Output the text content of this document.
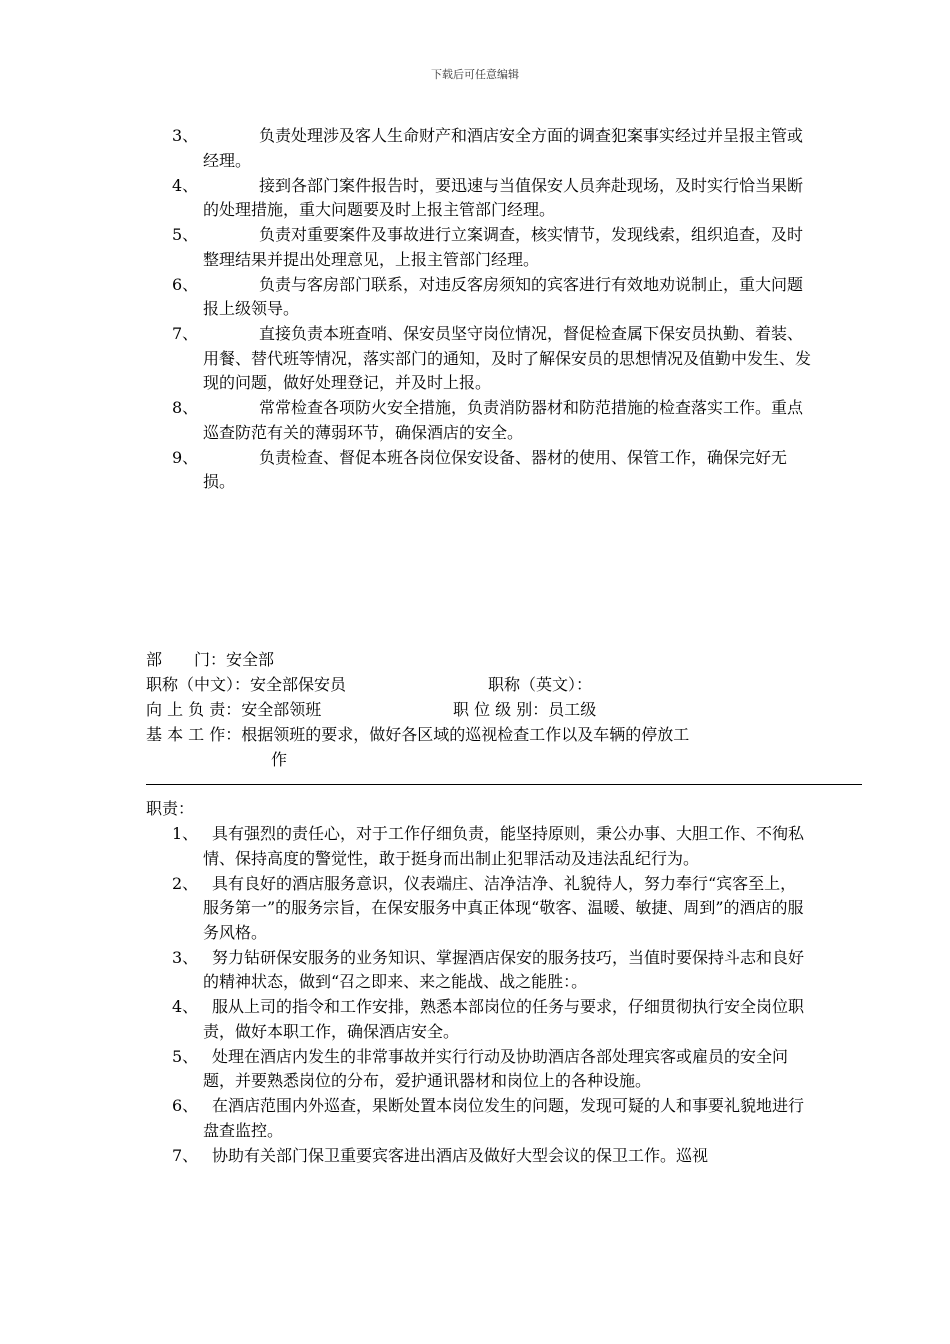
下载后可任意编辑
3、	负责处理涉及客人生命财产和酒店安全方面的调查犯案事实经过并呈报主管或经理。
4、	接到各部门案件报告时，要迅速与当值保安人员奔赴现场，及时实行恰当果断的处理措施，重大问题要及时上报主管部门经理。
5、	负责对重要案件及事故进行立案调查，核实情节，发现线索，组织追查，及时整理结果并提出处理意见，上报主管部门经理。
6、	负责与客房部门联系，对违反客房须知的宾客进行有效地劝说制止，重大问题报上级领导。
7、	直接负责本班查哨、保安员坚守岗位情况，督促检查属下保安员执勤、着装、用餐、替代班等情况，落实部门的通知，及时了解保安员的思想情况及值勤中发生、发现的问题，做好处理登记，并及时上报。
8、	常常检查各项防火安全措施，负责消防器材和防范措施的检查落实工作。重点巡查防范有关的薄弱环节，确保酒店的安全。
9、	负责检查、督促本班各岗位保安设备、器材的使用、保管工作，确保完好无损。
部　　门：安全部
职称（中文）：安全部保安员	职称（英文）：
向 上 负 责：安全部领班	职 位 级 别：员工级
基 本 工 作：根据领班的要求，做好各区域的巡视检查工作以及车辆的停放工
作
职责：
1、 具有强烈的责任心，对于工作仔细负责，能坚持原则，秉公办事、大胆工作、不徇私情、保持高度的警觉性，敢于挺身而出制止犯罪活动及违法乱纪行为。
2、 具有良好的酒店服务意识，仪表端庄、洁净洁净、礼貌待人，努力奉行“宾客至上，服务第一”的服务宗旨，在保安服务中真正体现“敬客、温暖、敏捷、周到”的酒店的服务风格。
3、 努力钻研保安服务的业务知识、掌握酒店保安的服务技巧，当值时要保持斗志和良好的精神状态，做到“召之即来、来之能战、战之能胜：。
4、 服从上司的指令和工作安排，熟悉本部岗位的任务与要求，仔细贯彻执行安全岗位职责，做好本职工作，确保酒店安全。
5、 处理在酒店内发生的非常事故并实行行动及协助酒店各部处理宾客或雇员的安全问题，并要熟悉岗位的分布，爱护通讯器材和岗位上的各种设施。
6、 在酒店范围内外巡查，果断处置本岗位发生的问题，发现可疑的人和事要礼貌地进行盘查监控。
7、 协助有关部门保卫重要宾客进出酒店及做好大型会议的保卫工作。巡视
